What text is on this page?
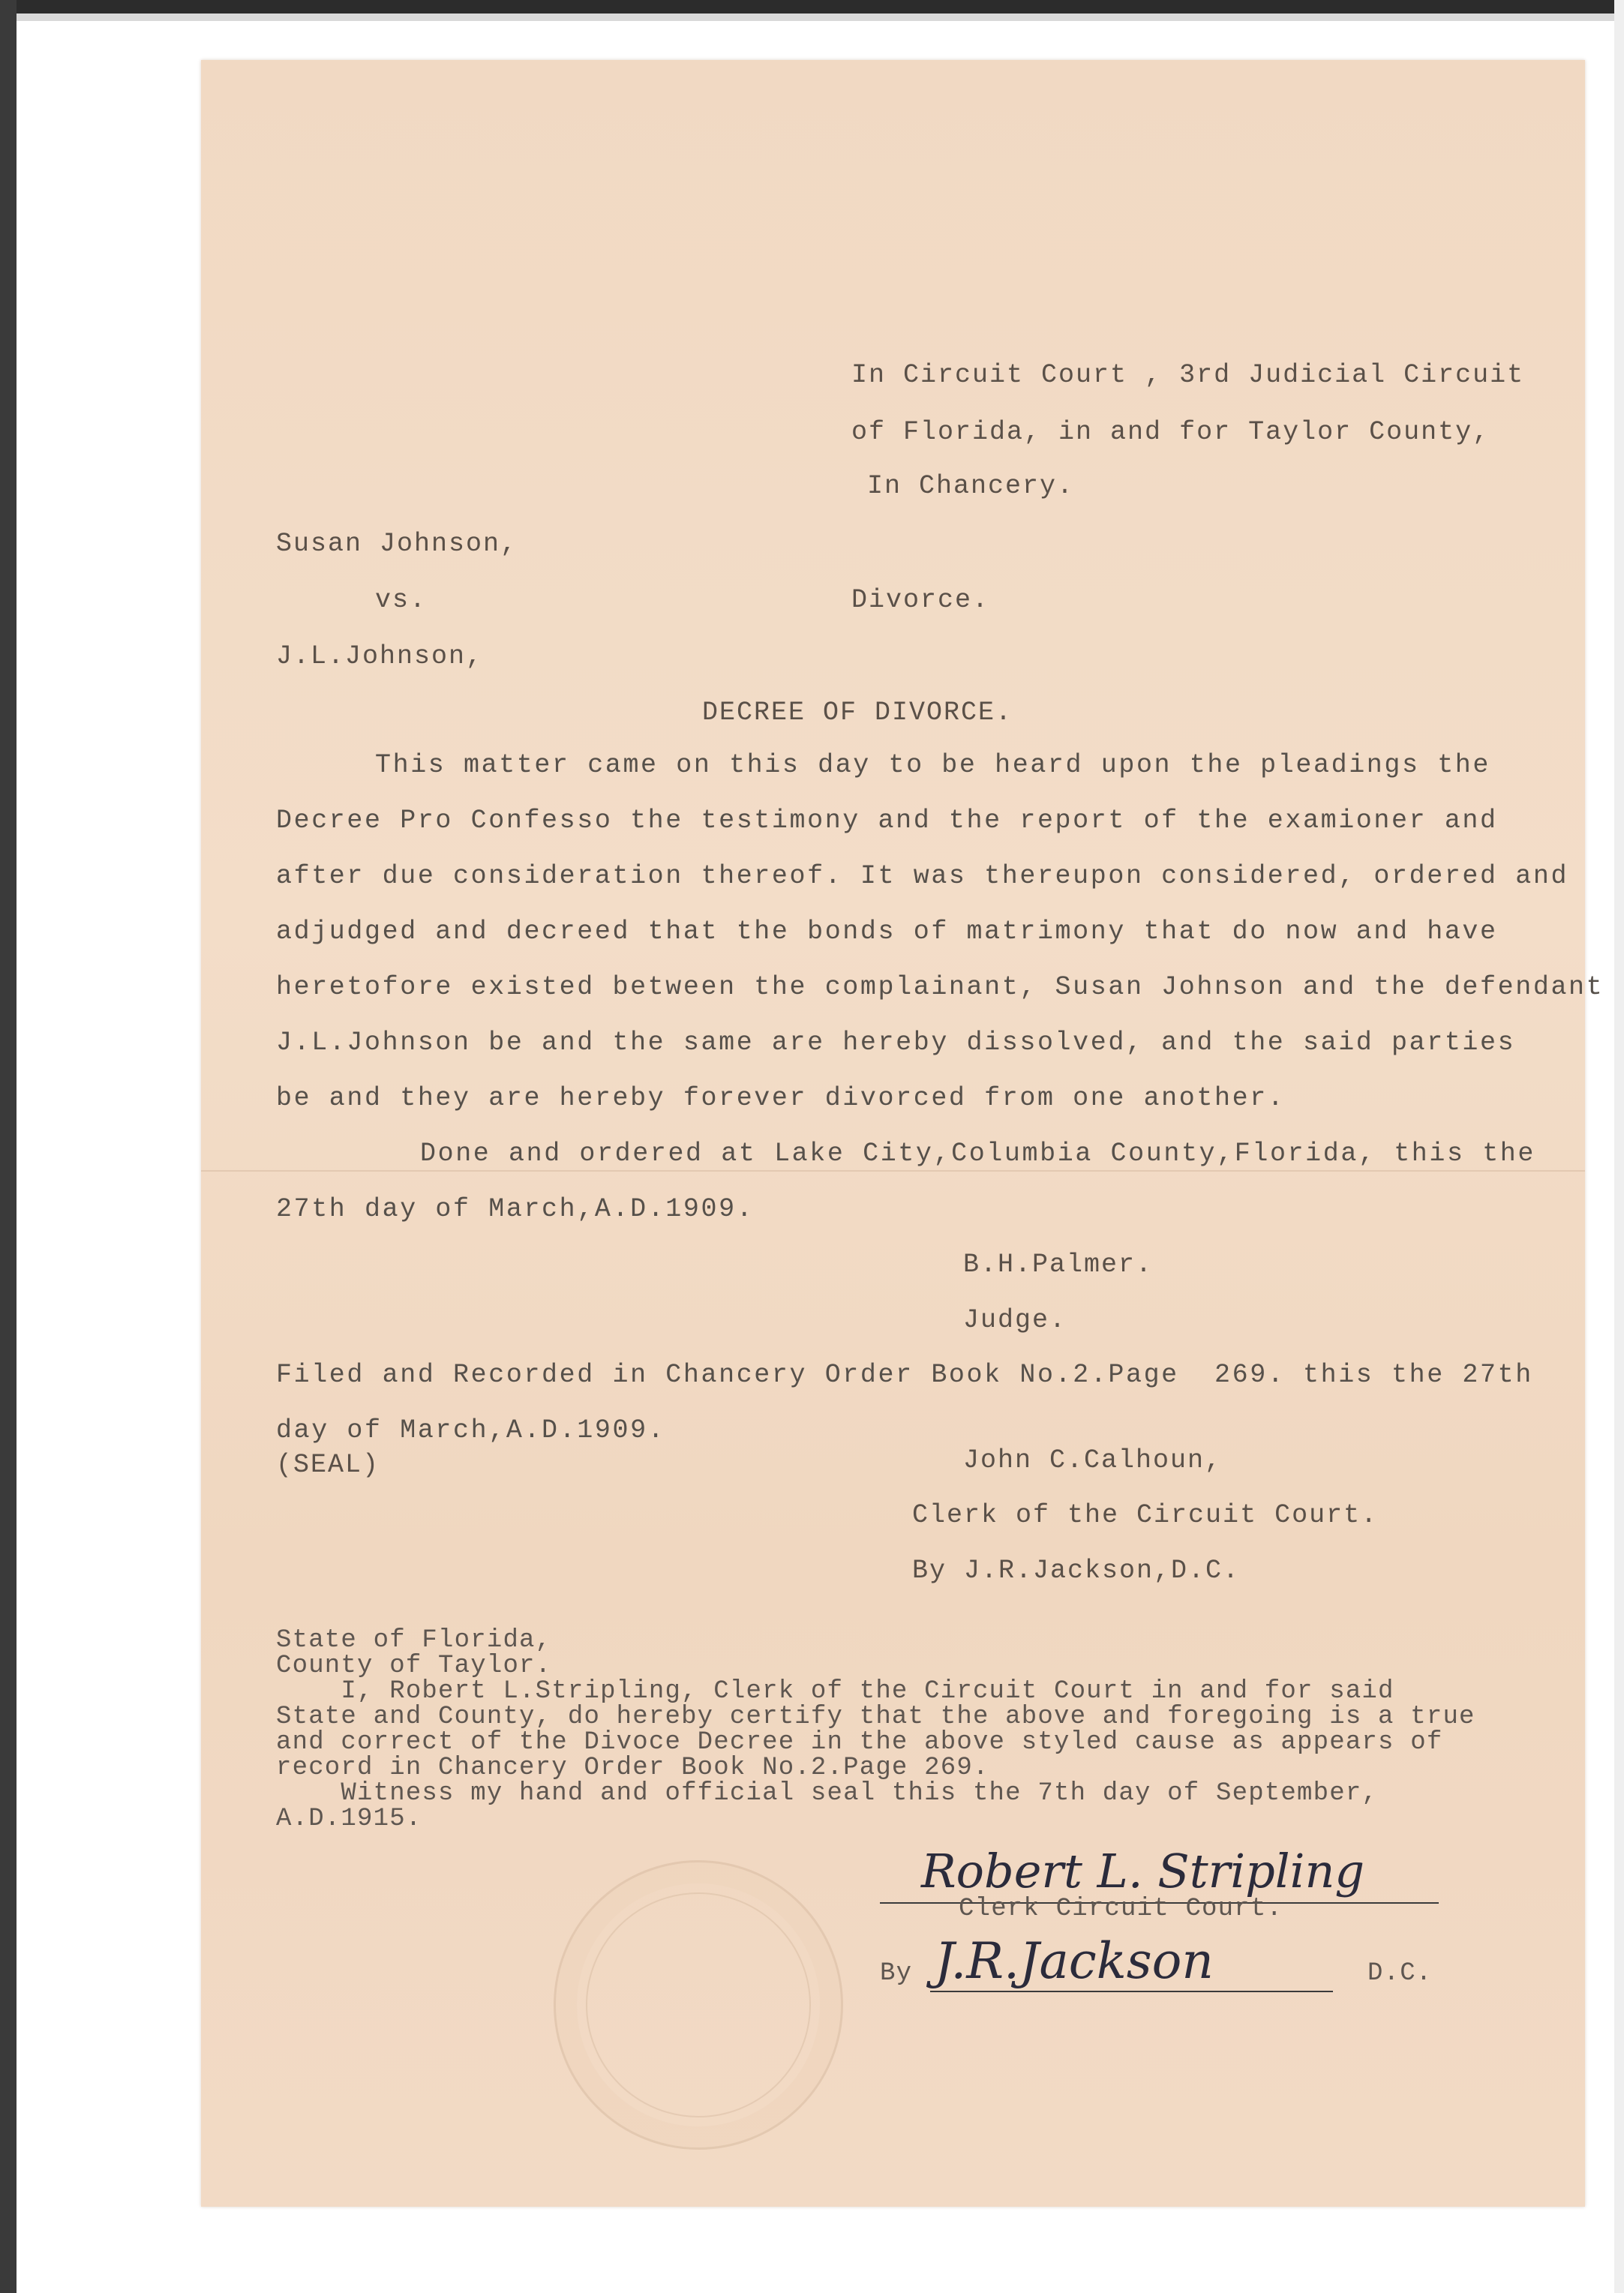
In Circuit Court , 3rd Judicial Circuit
of Florida, in and for Taylor County,
In Chancery.
Susan Johnson,
vs.	Divorce.
J.L.Johnson,
DECREE OF DIVORCE.
This matter came on this day to be heard upon the pleadings the
Decree Pro Confesso the testimony and the report of the examioner and
after due consideration thereof. It was thereupon considered, ordered and
adjudged and decreed that the bonds of matrimony that do now and have
heretofore existed between the complainant, Susan Johnson and the defendant
J.L.Johnson be and the same are hereby dissolved, and the said parties
be and they are hereby forever divorced from one another.
Done and ordered at Lake City,Columbia County,Florida, this the
27th day of March,A.D.1909.
B.H.Palmer.
Judge.
Filed and Recorded in Chancery Order Book No.2.Page  269. this the 27th
day of March,A.D.1909.
(SEAL)	John C.Calhoun,
Clerk of the Circuit Court.
By J.R.Jackson,D.C.
State of Florida,
County of Taylor.
I, Robert L.Stripling, Clerk of the Circuit Court in and for said
State and County, do hereby certify that the above and foregoing is a true
and correct of the Divoce Decree in the above styled cause as appears of
record in Chancery Order Book No.2.Page 269.
Witness my hand and official seal this the 7th day of September,
A.D.1915.
Robert L. Stripling
Clerk Circuit Court.
By J.R.Jackson	D.C.
